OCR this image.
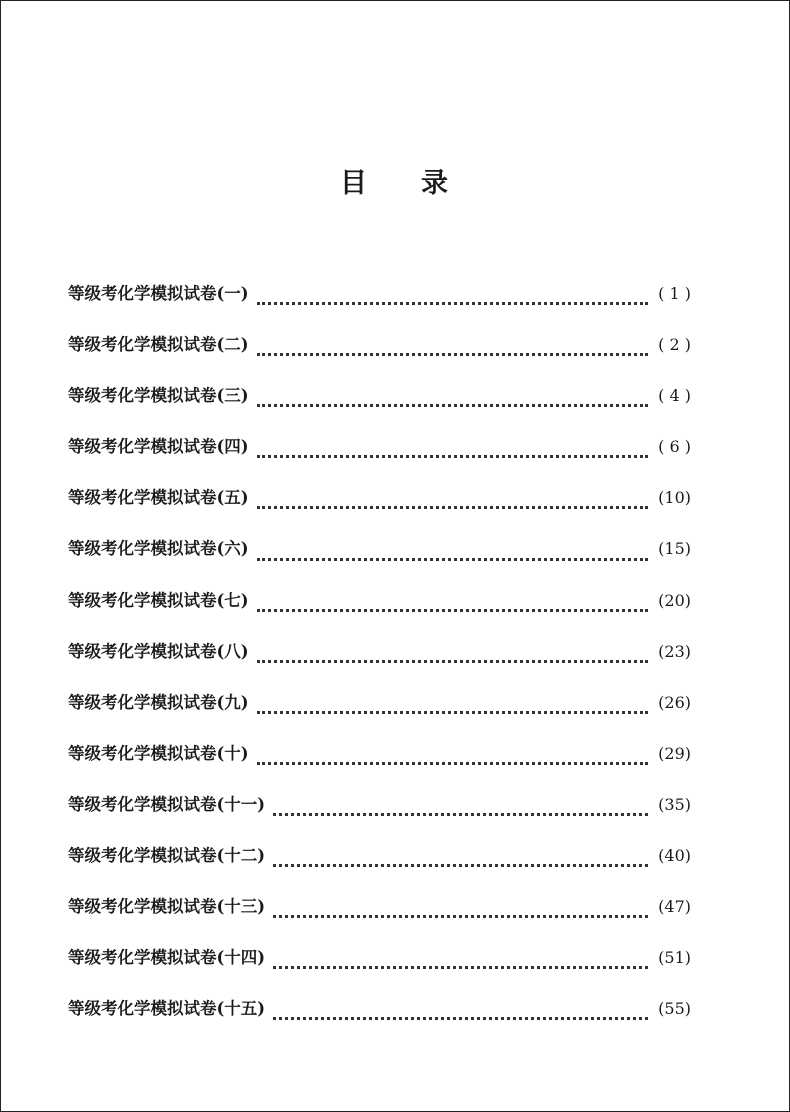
目 录
等级考化学模拟试卷(一)	( 1 )
等级考化学模拟试卷(二)	( 2 )
等级考化学模拟试卷(三)	( 4 )
等级考化学模拟试卷(四)	( 6 )
等级考化学模拟试卷(五)	(10)
等级考化学模拟试卷(六)	(15)
等级考化学模拟试卷(七)	(20)
等级考化学模拟试卷(八)	(23)
等级考化学模拟试卷(九)	(26)
等级考化学模拟试卷(十)	(29)
等级考化学模拟试卷(十一)	(35)
等级考化学模拟试卷(十二)	(40)
等级考化学模拟试卷(十三)	(47)
等级考化学模拟试卷(十四)	(51)
等级考化学模拟试卷(十五)	(55)
